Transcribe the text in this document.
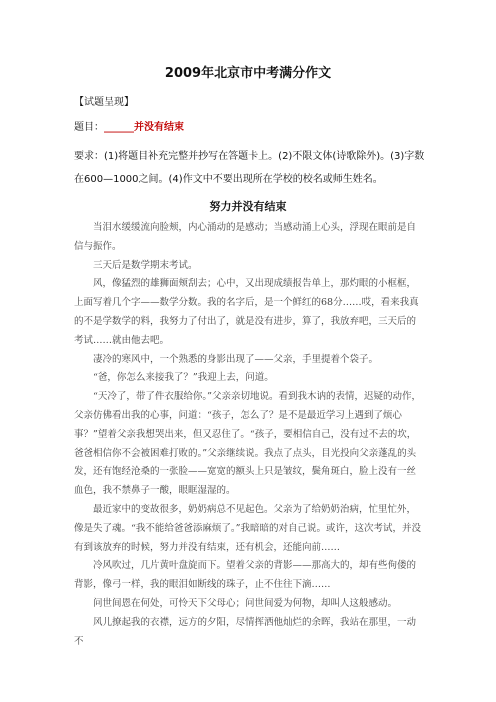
2009年北京市中考满分作文
【试题呈现】
题目：______并没有结束
要求：(1)将题目补充完整并抄写在答题卡上。(2)不限文体(诗歌除外)。(3)字数在600—1000之间。(4)作文中不要出现所在学校的校名或师生姓名。
努力并没有结束

当泪水缓缓流向脸颊，内心涌动的是感动；当感动涌上心头，浮现在眼前是自信与振作。

三天后是数学期末考试。

风，像猛烈的雄狮面颊刮去；心中，又出现成绩报告单上，那灼眼的小框框，上面写着几个字——数学分数。我的名字后，是一个鲜红的68分……哎，看来我真的不是学数学的料，我努力了付出了，就是没有进步，算了，我放弃吧，三天后的考试……就由他去吧。

凄冷的寒风中，一个熟悉的身影出现了——父亲，手里提着个袋子。

“爸，你怎么来接我了？”我迎上去，问道。

“天冷了，带了件衣服给你。”父亲亲切地说。看到我木讷的表情，迟疑的动作，父亲仿佛看出我的心事，问道：“孩子，怎么了？是不是最近学习上遇到了烦心事？”望着父亲我想哭出来，但又忍住了。“孩子，要相信自己，没有过不去的坎，爸爸相信你不会被困难打败的。”父亲继续说。我点了点头，目光投向父亲蓬乱的头发，还有饱经沧桑的一张脸——宽宽的额头上只是皱纹，鬓角斑白，脸上没有一丝血色，我不禁鼻子一酸，眼眶湿湿的。

最近家中的变故很多，奶奶病总不见起色。父亲为了给奶奶治病，忙里忙外，像是失了魂。“我不能给爸爸添麻烦了。”我暗暗的对自己说。或许，这次考试，并没有到该放弃的时候，努力并没有结束，还有机会，还能向前……

冷风吹过，几片黄叶盘旋而下。望着父亲的背影——那高大的，却有些佝偻的背影，像弓一样，我的眼泪如断线的珠子，止不住往下滴……

问世间恩在何处，可怜天下父母心；问世间爱为何物，却叫人这般感动。

风儿撩起我的衣襟，远方的夕阳，尽情挥洒他灿烂的余晖，我站在那里，一动不
